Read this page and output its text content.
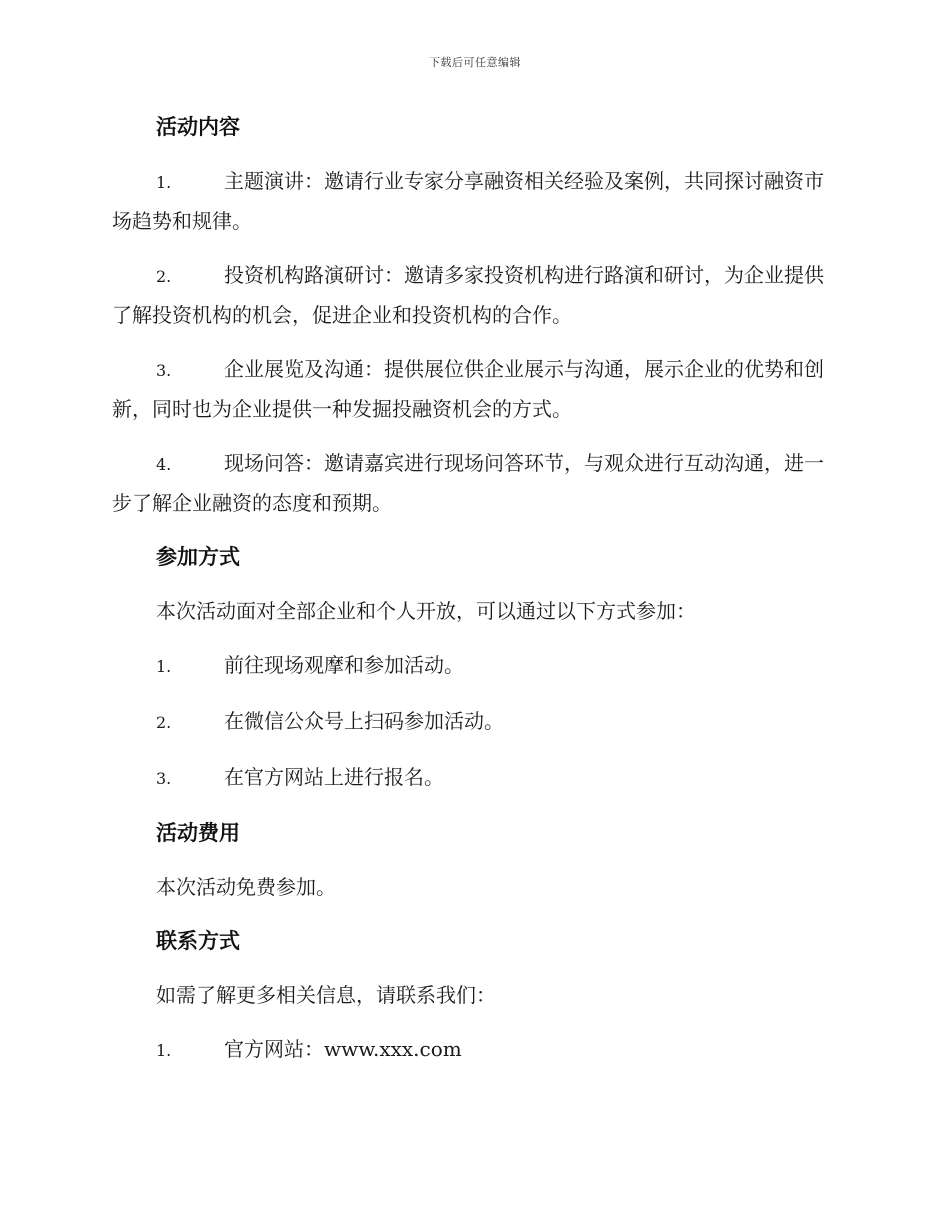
下载后可任意编辑
活动内容
1.	主题演讲：邀请行业专家分享融资相关经验及案例，共同探讨融资市场趋势和规律。
2.	投资机构路演研讨：邀请多家投资机构进行路演和研讨，为企业提供了解投资机构的机会，促进企业和投资机构的合作。
3.	企业展览及沟通：提供展位供企业展示与沟通，展示企业的优势和创新，同时也为企业提供一种发掘投融资机会的方式。
4.	现场问答：邀请嘉宾进行现场问答环节，与观众进行互动沟通，进一步了解企业融资的态度和预期。
参加方式
本次活动面对全部企业和个人开放，可以通过以下方式参加：
1.	前往现场观摩和参加活动。
2.	在微信公众号上扫码参加活动。
3.	在官方网站上进行报名。
活动费用
本次活动免费参加。
联系方式
如需了解更多相关信息，请联系我们：
1.	官方网站：www.xxx.com
